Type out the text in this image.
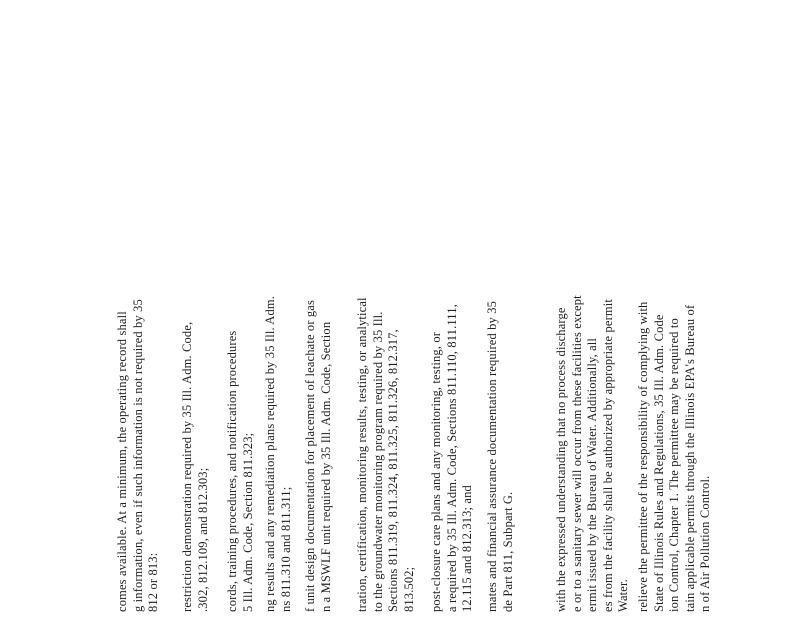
comes available. At a minimum, the operating record shall g information, even if such information is not required by 35 812 or 813: restriction demonstration required by 35 Ill. Adm. Code, .302, 812.109, and 812.303; cords, training procedures, and notification procedures 5 Ill. Adm. Code, Section 811.323; ng results and any remediation plans required by 35 Ill. Adm. ns 811.310 and 811.311; f unit design documentation for placement of leachate or gas n a MSWLF unit required by 35 Ill. Adm. Code, Section tration, certification, monitoring results, testing, or analytical to the groundwater monitoring program required by 35 Ill. Sections 811.319, 811.324, 811.325, 811.326, 812.317, 813.502; post-closure care plans and any monitoring, testing, or a required by 35 Ill. Adm. Code, Sections 811.110, 811.111, 12.115 and 812.313; and mates and financial assurance documentation required by 35 de Part 811, Subpart G.	with the expressed understanding that no process discharge e or to a sanitary sewer will occur from these facilities except ermit issued by the Bureau of Water. Additionally, all es from the facility shall be authorized by appropriate permit Water. relieve the permittee of the responsibility of complying with State of Illinois Rules and Regulations, 35 Ill. Adm. Code ion Control, Chapter 1. The permittee may be required to tain applicable permits through the Illinois EPA's Bureau of n of Air Pollution Control.
